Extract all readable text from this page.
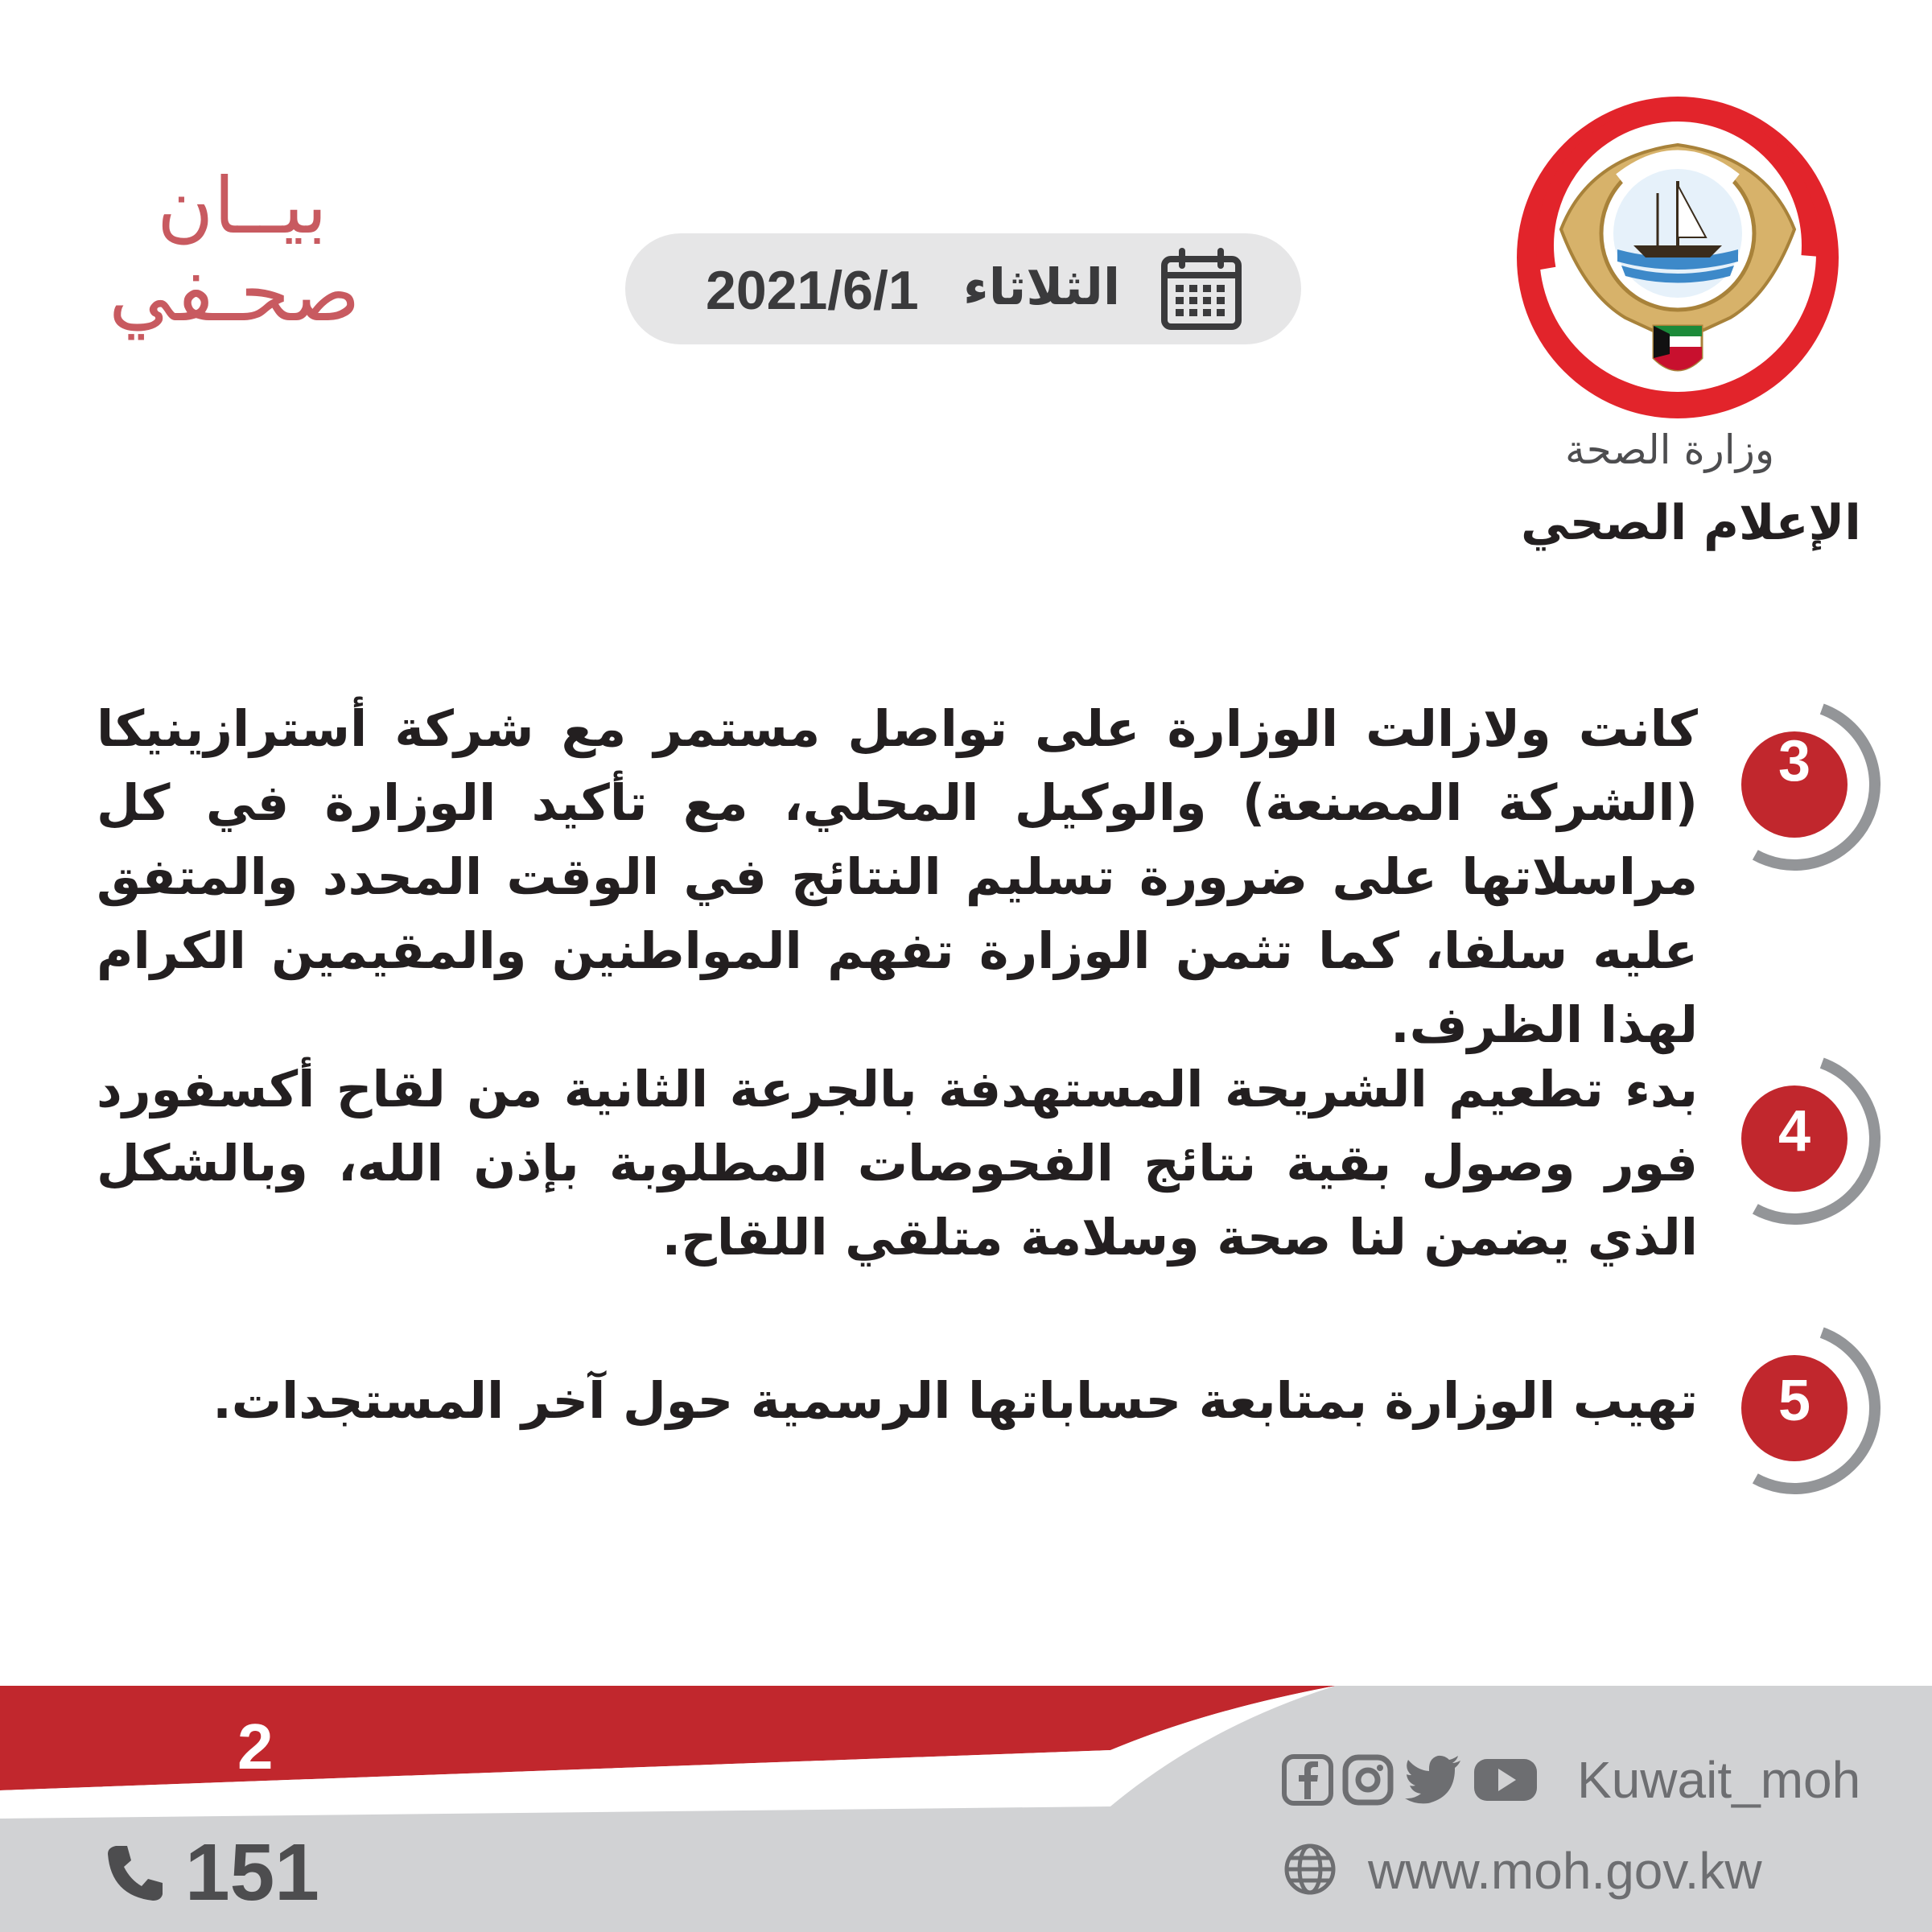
بيــان
صحـفي	2021/6/1 الثلاثاء
وزارة الصحة
الإعلام الصحي
كانت ولازالت الوزارة على تواصل مستمر مع شركة أسترازينيكا (الشركة المصنعة) والوكيل المحلي، مع تأكيد الوزارة في كل مراسلاتها على ضرورة تسليم النتائج في الوقت المحدد والمتفق عليه سلفا، كما تثمن الوزارة تفهم المواطنين والمقيمين الكرام لهذا الظرف.
3
بدء تطعيم الشريحة المستهدفة بالجرعة الثانية من لقاح أكسفورد فور وصول بقية نتائج الفحوصات المطلوبة بإذن الله، وبالشكل الذي يضمن لنا صحة وسلامة متلقي اللقاح.
4
تهيب الوزارة بمتابعة حساباتها الرسمية حول آخر المستجدات.	5
2
151
Kuwait_moh
www.moh.gov.kw
